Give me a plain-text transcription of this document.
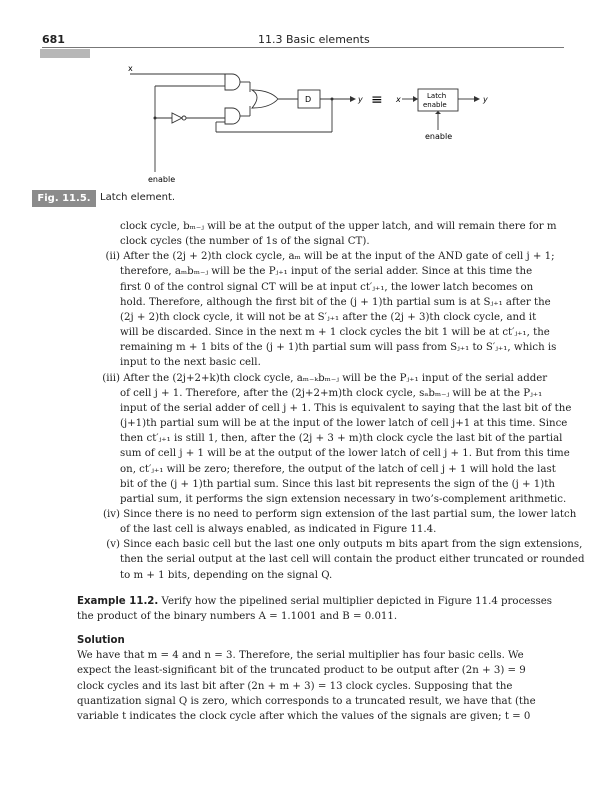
681	11.3 Basic elements
x
enable
D	y ≡ x	Latch
enable
y
enable
Fig. 11.5. Latch element.
clock cycle, bₘ₋ⱼ will be at the output of the upper latch, and will remain there for m
clock cycles (the number of 1s of the signal CT).
(ii) After the (2j + 2)th clock cycle, aₘ will be at the input of the AND gate of cell j + 1;
therefore, aₘbₘ₋ⱼ will be the Pⱼ₊₁ input of the serial adder. Since at this time the
first 0 of the control signal CT will be at input ct′ⱼ₊₁, the lower latch becomes on
hold. Therefore, although the first bit of the (j + 1)th partial sum is at Sⱼ₊₁ after the
(2j + 2)th clock cycle, it will not be at S′ⱼ₊₁ after the (2j + 3)th clock cycle, and it
will be discarded. Since in the next m + 1 clock cycles the bit 1 will be at ct′ⱼ₊₁, the
remaining m + 1 bits of the (j + 1)th partial sum will pass from Sⱼ₊₁ to S′ⱼ₊₁, which is
input to the next basic cell.
(iii) After the (2j+2+k)th clock cycle, aₘ₋ₖbₘ₋ⱼ will be the Pⱼ₊₁ input of the serial adder
of cell j + 1. Therefore, after the (2j+2+m)th clock cycle, sₐbₘ₋ⱼ will be at the Pⱼ₊₁
input of the serial adder of cell j + 1. This is equivalent to saying that the last bit of the
(j+1)th partial sum will be at the input of the lower latch of cell j+1 at this time. Since
then ct′ⱼ₊₁ is still 1, then, after the (2j + 3 + m)th clock cycle the last bit of the partial
sum of cell j + 1 will be at the output of the lower latch of cell j + 1. But from this time
on, ct′ⱼ₊₁ will be zero; therefore, the output of the latch of cell j + 1 will hold the last
bit of the (j + 1)th partial sum. Since this last bit represents the sign of the (j + 1)th
partial sum, it performs the sign extension necessary in two’s-complement arithmetic.
(iv) Since there is no need to perform sign extension of the last partial sum, the lower latch
of the last cell is always enabled, as indicated in Figure 11.4.
(v) Since each basic cell but the last one only outputs m bits apart from the sign extensions,
then the serial output at the last cell will contain the product either truncated or rounded
to m + 1 bits, depending on the signal Q.
Example 11.2. Verify how the pipelined serial multiplier depicted in Figure 11.4 processes
the product of the binary numbers A = 1.1001 and B = 0.011.
Solution
We have that m = 4 and n = 3. Therefore, the serial multiplier has four basic cells. We
expect the least-significant bit of the truncated product to be output after (2n + 3) = 9
clock cycles and its last bit after (2n + m + 3) = 13 clock cycles. Supposing that the
quantization signal Q is zero, which corresponds to a truncated result, we have that (the
variable t indicates the clock cycle after which the values of the signals are given; t = 0
